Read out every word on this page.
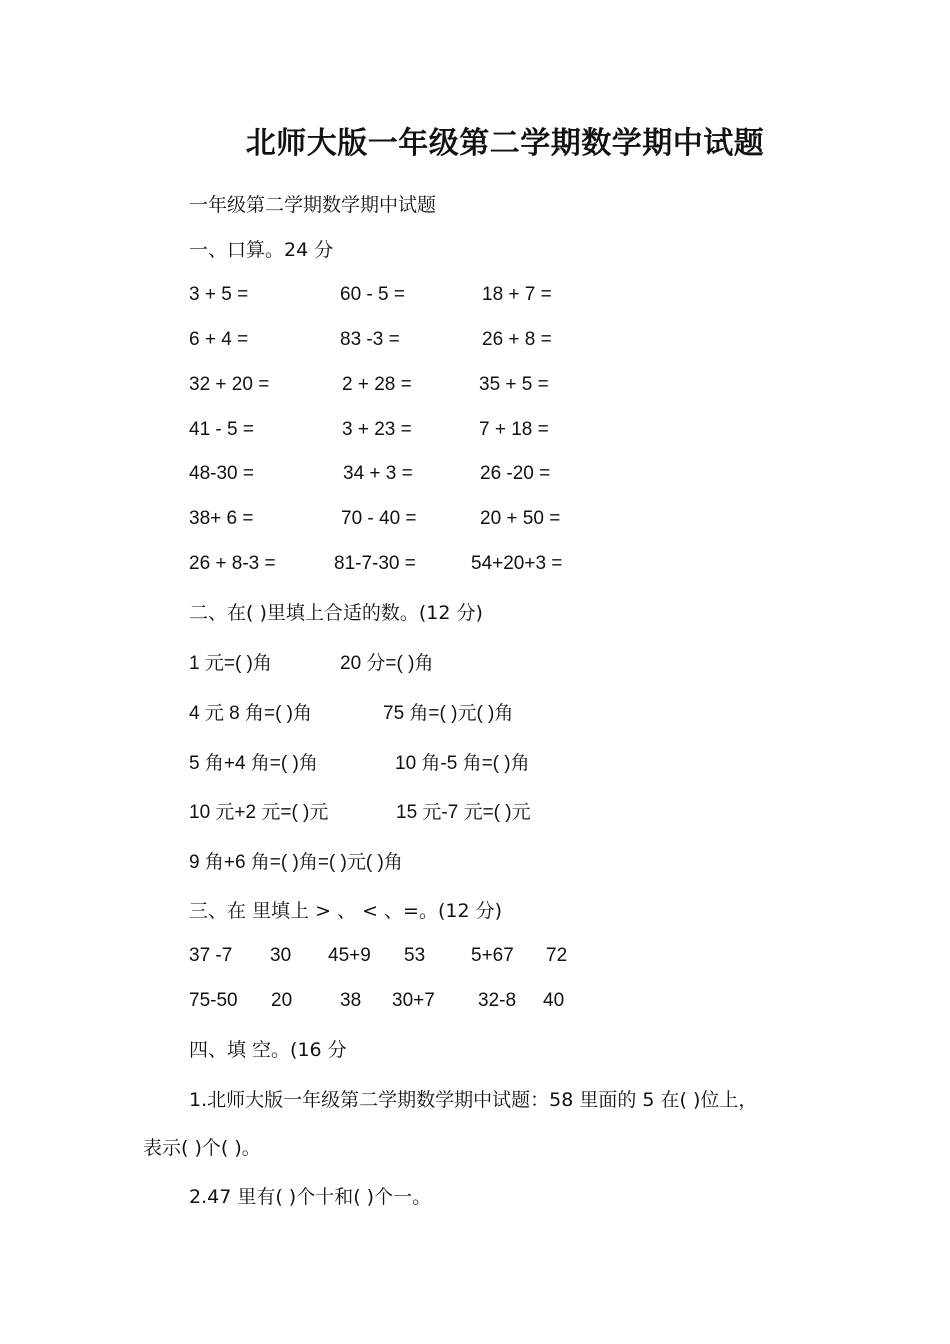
北师大版一年级第二学期数学期中试题
一年级第二学期数学期中试题
一、口算。24 分
3 + 5 =	60 - 5 =	18 + 7 =
6 + 4 =	83 -3 =	26 + 8 =
32 + 20 =	2 + 28 =	35 + 5 =
41 - 5 =	3 + 23 =	7 + 18 =
48-30 =	34 + 3 =	26 -20 =
38+ 6 =	70 - 40 =	20 + 50 =
26 + 8-3 =	81-7-30 =	54+20+3 =
二、在( )里填上合适的数。(12 分)
1 元=( )角	20 分=( )角
4 元 8 角=( )角	75 角=( )元( )角
5 角+4 角=( )角	10 角-5 角=( )角
10 元+2 元=( )元	15 元-7 元=( )元
9 角+6 角=( )角=( )元( )角
三、在 里填上 > 、 < 、=。(12 分)
37 -7 30 45+9 53 5+67 72
75-50 20	38 30+7 32-8 40
四、填 空。(16 分
1.北师大版一年级第二学期数学期中试题：58 里面的 5 在( )位上，
表示( )个( )。
2.47 里有( )个十和( )个一。
